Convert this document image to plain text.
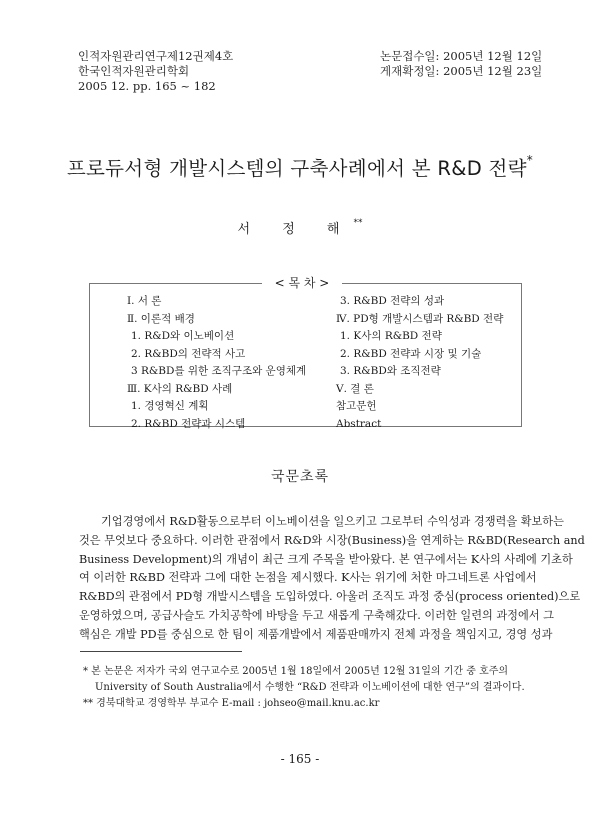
인적자원관리연구제12권제4호
한국인적자원관리학회
2005 12. pp. 165 ~ 182
논문접수일: 2005년 12월 12일
게재확정일: 2005년 12월 23일
프로듀서형 개발시스템의 구축사례에서 본 R&D 전략*
서 정 해**
< 목 차 >
Ⅰ. 서 론
Ⅱ. 이론적 배경
1. R&D와 이노베이션
2. R&BD의 전략적 사고
3 R&BD를 위한 조직구조와 운영체계
Ⅲ. K사의 R&BD 사례
1. 경영혁신 계획
2. R&BD 전략과 시스템
3. R&BD 전략의 성과
Ⅳ. PD형 개발시스템과 R&BD 전략
1. K사의 R&BD 전략
2. R&BD 전략과 시장 및 기술
3. R&BD와 조직전략
Ⅴ. 결 론
참고문헌
Abstract
국문초록
기업경영에서 R&D활동으로부터 이노베이션을 일으키고 그로부터 수익성과 경쟁력을 확보하는
것은 무엇보다 중요하다. 이러한 관점에서 R&D와 시장(Business)을 연계하는 R&BD(Research and
Business Development)의 개념이 최근 크게 주목을 받아왔다. 본 연구에서는 K사의 사례에 기초하
여 이러한 R&BD 전략과 그에 대한 논점을 제시했다. K사는 위기에 처한 마그네트론 사업에서
R&BD의 관점에서 PD형 개발시스템을 도입하였다. 아울러 조직도 과정 중심(process oriented)으로
운영하였으며, 공급사슬도 가치공학에 바탕을 두고 새롭게 구축해갔다. 이러한 일련의 과정에서 그
핵심은 개발 PD를 중심으로 한 팀이 제품개발에서 제품판매까지 전체 과정을 책임지고, 경영 성과
* 본 논문은 저자가 국외 연구교수로 2005년 1월 18일에서 2005년 12월 31일의 기간 중 호주의
University of South Australia에서 수행한 “R&D 전략과 이노베이션에 대한 연구”의 결과이다.
** 경북대학교 경영학부 부교수 E-mail : johseo@mail.knu.ac.kr
- 165 -
